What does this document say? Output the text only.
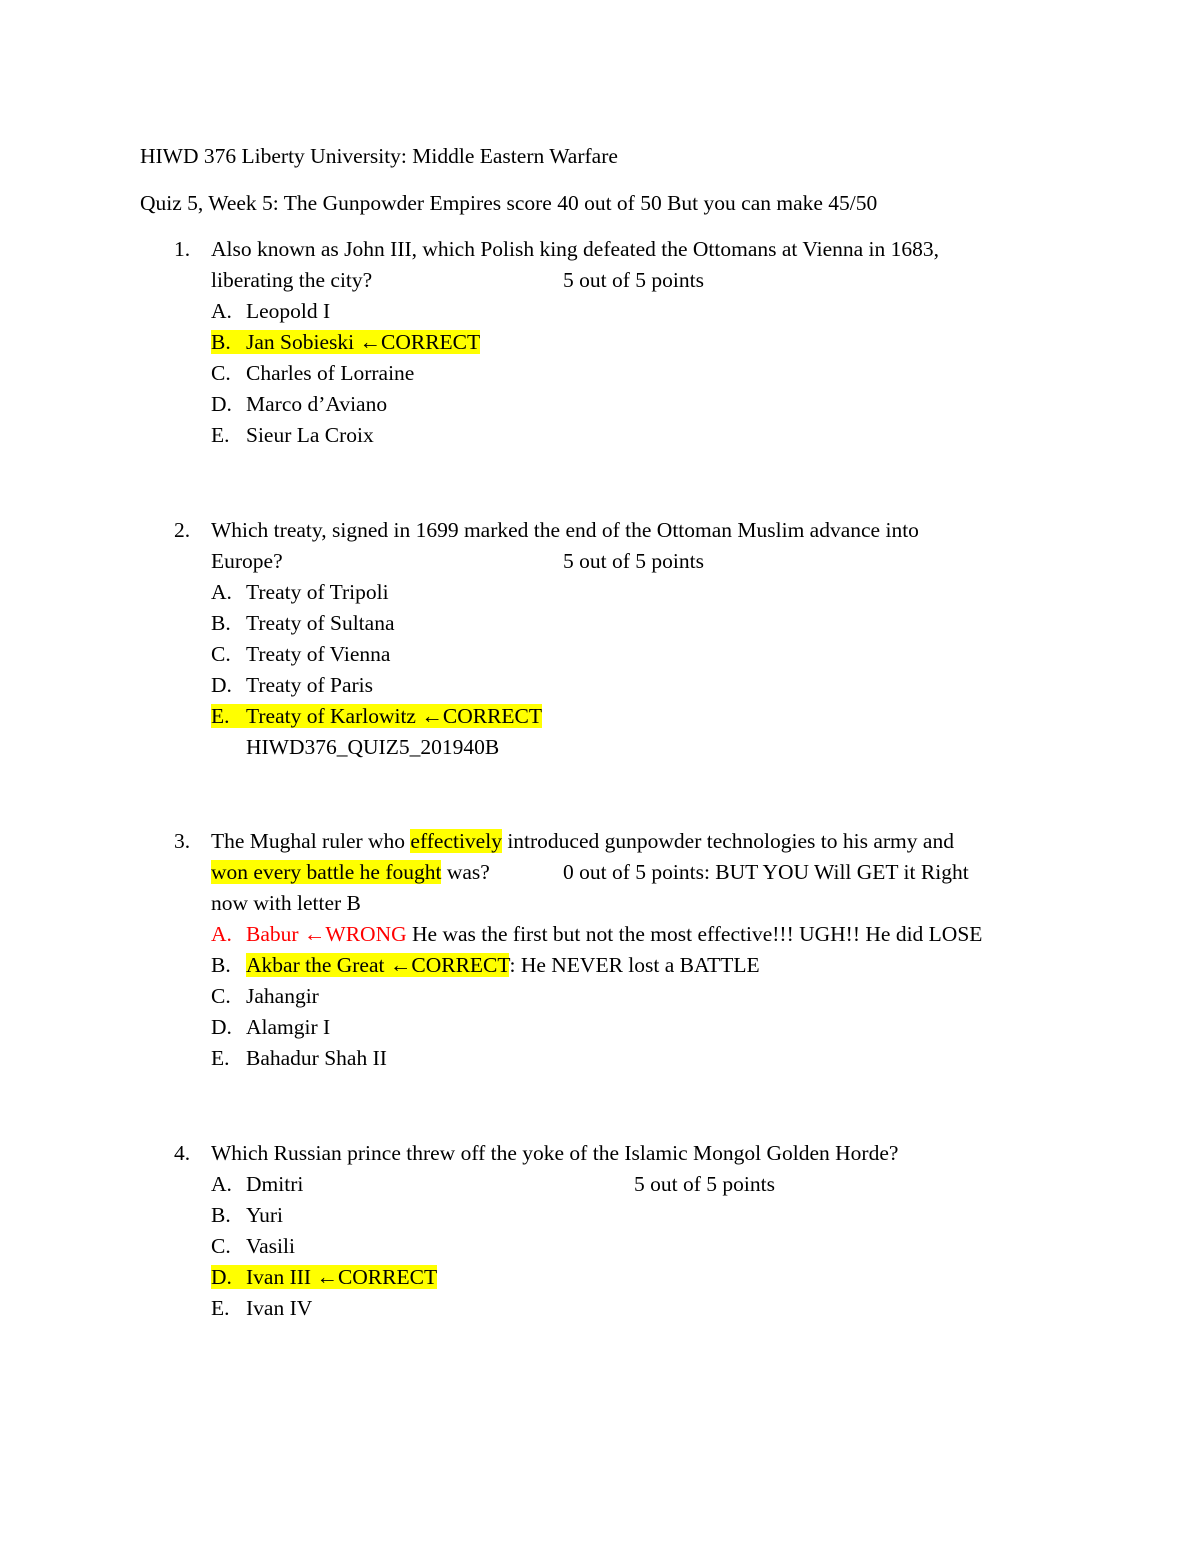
HIWD 376 Liberty University: Middle Eastern Warfare
Quiz 5, Week 5: The Gunpowder Empires score 40 out of 50 But you can make 45/50
1. Also known as John III, which Polish king defeated the Ottomans at Vienna in 1683,
liberating the city?	5 out of 5 points
A. Leopold I
B. Jan Sobieski ←CORRECT
C. Charles of Lorraine
D. Marco d’Aviano
E. Sieur La Croix
2. Which treaty, signed in 1699 marked the end of the Ottoman Muslim advance into
Europe?	5 out of 5 points
A. Treaty of Tripoli
B. Treaty of Sultana
C. Treaty of Vienna
D. Treaty of Paris
E. Treaty of Karlowitz ←CORRECT
HIWD376_QUIZ5_201940B
3. The Mughal ruler who effectively introduced gunpowder technologies to his army and
won every battle he fought was?	0 out of 5 points: BUT YOU Will GET it Right
now with letter B
A. Babur ←WRONG He was the first but not the most effective!!! UGH!! He did LOSE
B. Akbar the Great ←CORRECT: He NEVER lost a BATTLE
C. Jahangir
D. Alamgir I
E. Bahadur Shah II
4. Which Russian prince threw off the yoke of the Islamic Mongol Golden Horde?
5 out of 5 points
A. Dmitri
B. Yuri
C. Vasili
D. Ivan III ←CORRECT
E. Ivan IV
